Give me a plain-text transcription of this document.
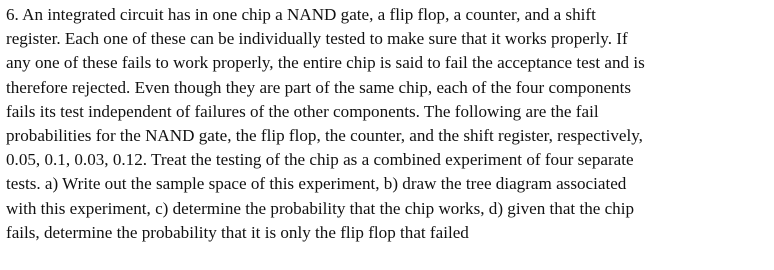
6. An integrated circuit has in one chip a NAND gate, a flip flop, a counter, and a shift
register. Each one of these can be individually tested to make sure that it works properly. If
any one of these fails to work properly, the entire chip is said to fail the acceptance test and is
therefore rejected. Even though they are part of the same chip, each of the four components
fails its test independent of failures of the other components. The following are the fail
probabilities for the NAND gate, the flip flop, the counter, and the shift register, respectively,
0.05, 0.1, 0.03, 0.12. Treat the testing of the chip as a combined experiment of four separate
tests. a) Write out the sample space of this experiment, b) draw the tree diagram associated
with this experiment, c) determine the probability that the chip works, d) given that the chip
fails, determine the probability that it is only the flip flop that failed
